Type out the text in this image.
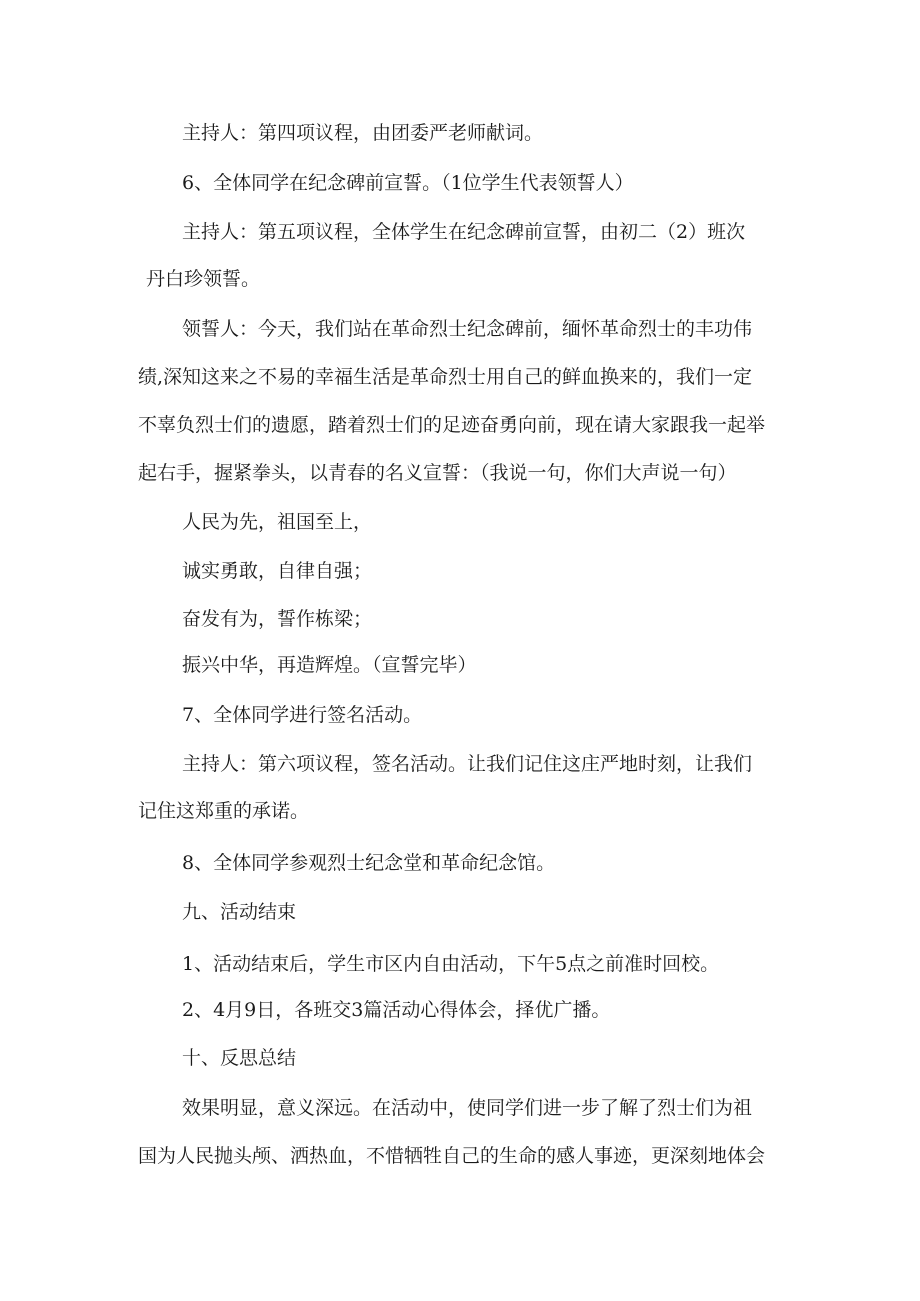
主持人：第四项议程，由团委严老师献词。

6、全体同学在纪念碑前宣誓。（1位学生代表领誓人）

主持人：第五项议程，全体学生在纪念碑前宣誓，由初二（2）班次

丹白珍领誓。

领誓人：今天，我们站在革命烈士纪念碑前，缅怀革命烈士的丰功伟

绩,深知这来之不易的幸福生活是革命烈士用自己的鲜血换来的，我们一定

不辜负烈士们的遗愿，踏着烈士们的足迹奋勇向前，现在请大家跟我一起举

起右手，握紧拳头，以青春的名义宣誓：（我说一句，你们大声说一句）

人民为先，祖国至上，

诚实勇敢，自律自强；

奋发有为，誓作栋梁；

振兴中华，再造辉煌。（宣誓完毕）

7、全体同学进行签名活动。

主持人：第六项议程，签名活动。让我们记住这庄严地时刻，让我们

记住这郑重的承诺。

8、全体同学参观烈士纪念堂和革命纪念馆。

九、活动结束

1、活动结束后，学生市区内自由活动，下午5点之前准时回校。

2、4月9日，各班交3篇活动心得体会，择优广播。

十、反思总结

效果明显，意义深远。在活动中，使同学们进一步了解了烈士们为祖

国为人民抛头颅、洒热血，不惜牺牲自己的生命的感人事迹，更深刻地体会
